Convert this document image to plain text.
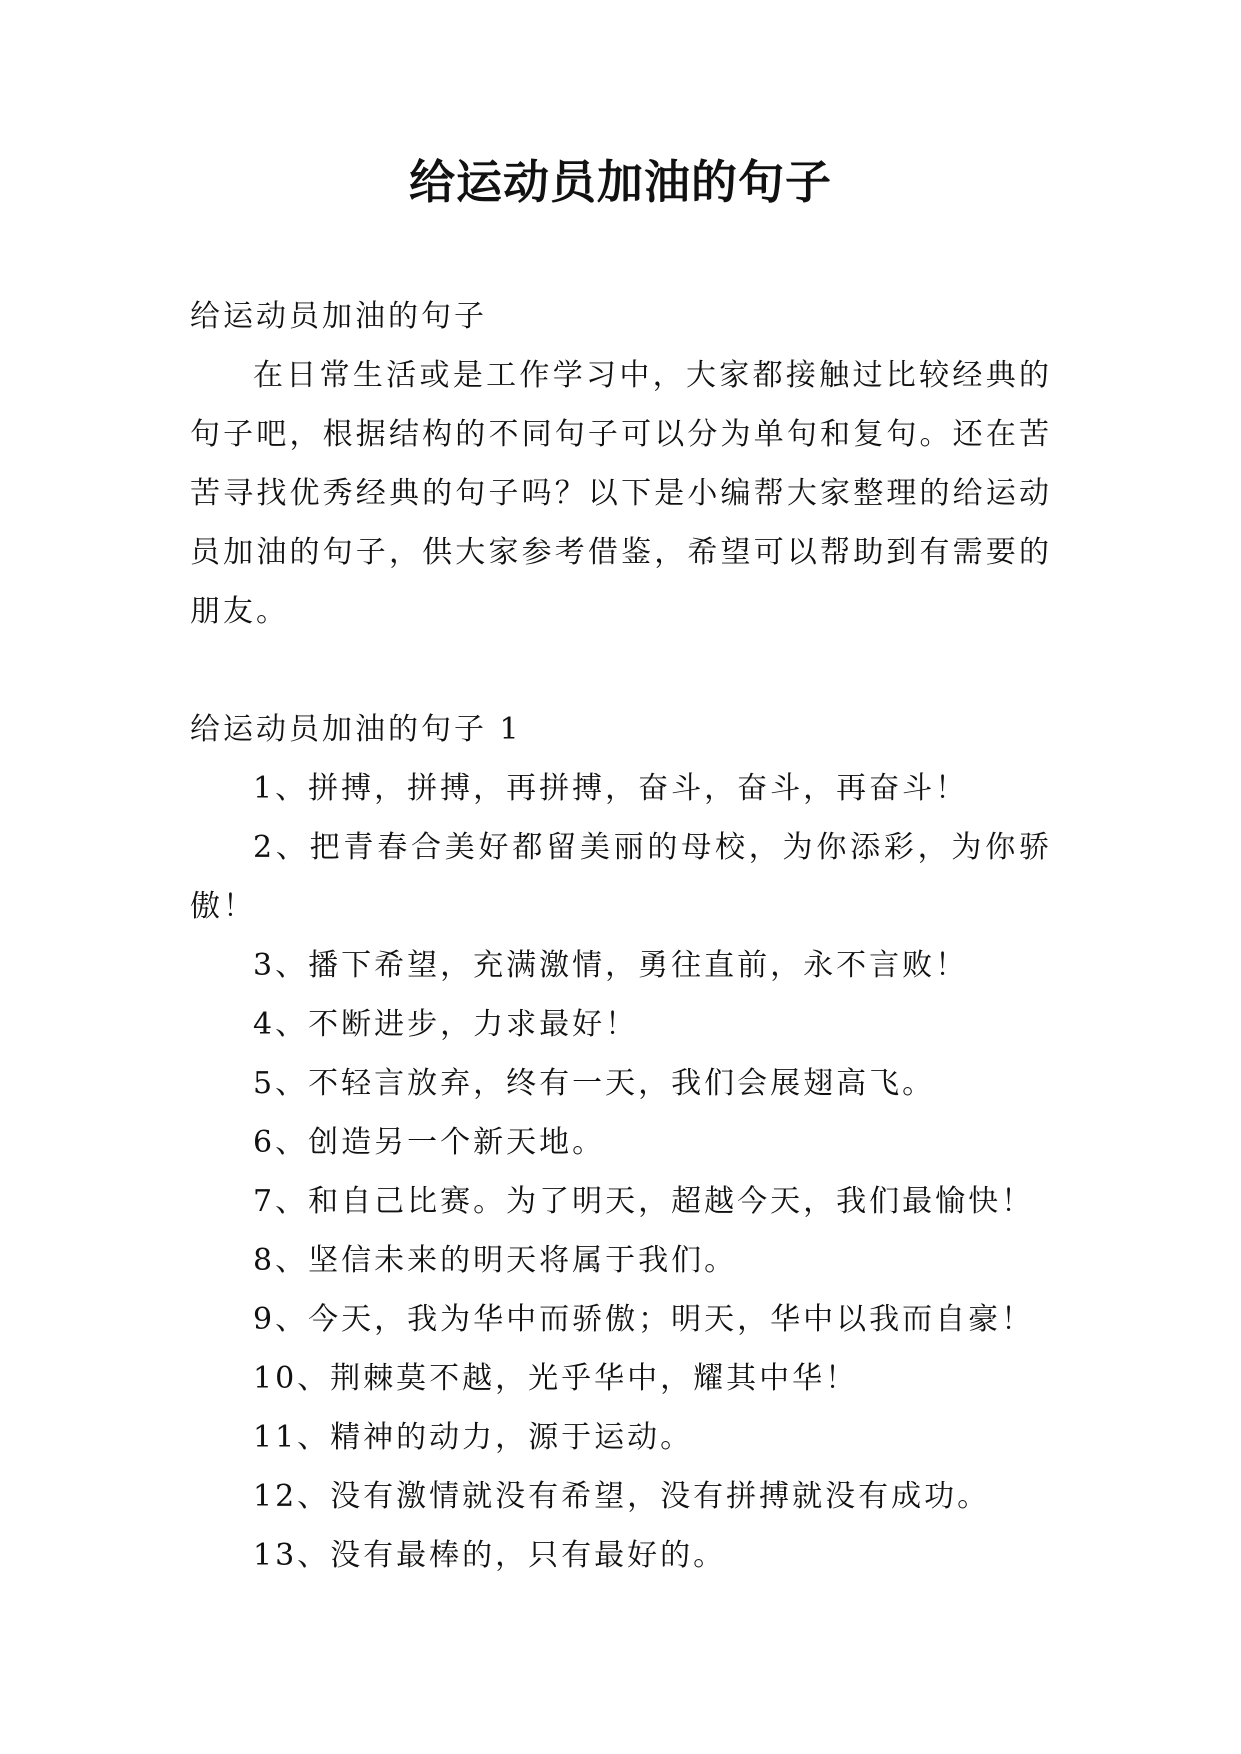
给运动员加油的句子

给运动员加油的句子

在日常生活或是工作学习中，大家都接触过比较经典的句子吧，根据结构的不同句子可以分为单句和复句。还在苦苦寻找优秀经典的句子吗？以下是小编帮大家整理的给运动员加油的句子，供大家参考借鉴，希望可以帮助到有需要的朋友。

给运动员加油的句子 1

1、拼搏，拼搏，再拼搏，奋斗，奋斗，再奋斗！

2、把青春合美好都留美丽的母校，为你添彩，为你骄傲！

3、播下希望，充满激情，勇往直前，永不言败！

4、不断进步，力求最好！

5、不轻言放弃，终有一天，我们会展翅高飞。

6、创造另一个新天地。

7、和自己比赛。为了明天，超越今天，我们最愉快！

8、坚信未来的明天将属于我们。

9、今天，我为华中而骄傲；明天，华中以我而自豪！

10、荆棘莫不越，光乎华中，耀其中华！

11、精神的动力，源于运动。

12、没有激情就没有希望，没有拼搏就没有成功。

13、没有最棒的，只有最好的。
